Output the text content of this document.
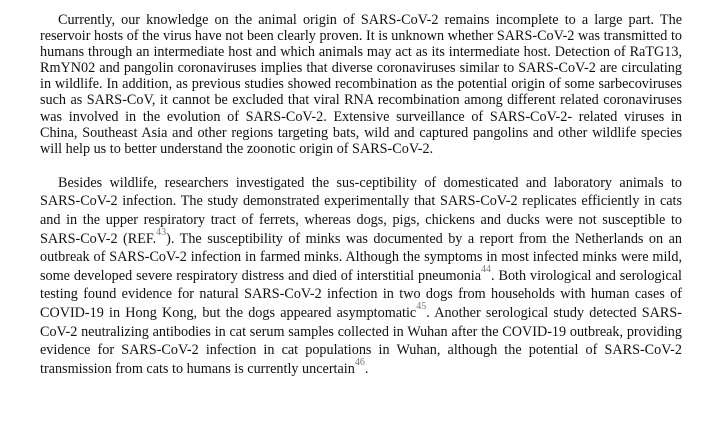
Currently, our knowledge on the animal origin of SARS-CoV-2 remains incomplete to a large part. The reservoir hosts of the virus have not been clearly proven. It is unknown whether SARS-CoV-2 was transmitted to humans through an intermediate host and which animals may act as its intermediate host. Detection of RaTG13, RmYN02 and pangolin coronaviruses implies that diverse coronaviruses similar to SARS-CoV-2 are circulating in wildlife. In addition, as previous studies showed recombination as the potential origin of some sarbecoviruses such as SARS-CoV, it cannot be excluded that viral RNA recombination among different related coronaviruses was involved in the evolution of SARS-CoV-2. Extensive surveillance of SARS-CoV-2- related viruses in China, Southeast Asia and other regions targeting bats, wild and captured pangolins and other wildlife species will help us to better understand the zoonotic origin of SARS-CoV-2.

Besides wildlife, researchers investigated the sus-ceptibility of domesticated and laboratory animals to SARS-CoV-2 infection. The study demonstrated experimentally that SARS-CoV-2 replicates efficiently in cats and in the upper respiratory tract of ferrets, whereas dogs, pigs, chickens and ducks were not susceptible to SARS-CoV-2 (REF.$^{43}$). The susceptibility of minks was documented by a report from the Netherlands on an outbreak of SARS-CoV-2 infection in farmed minks. Although the symptoms in most infected minks were mild, some developed severe respiratory distress and died of interstitial pneumonia$^{44}$. Both virological and serological testing found evidence for natural SARS-CoV-2 infection in two dogs from households with human cases of COVID-19 in Hong Kong, but the dogs appeared asymptomatic$^{45}$. Another serological study detected SARS-CoV-2 neutralizing antibodies in cat serum samples collected in Wuhan after the COVID-19 outbreak, providing evidence for SARS-CoV-2 infection in cat populations in Wuhan, although the potential of SARS-CoV-2 transmission from cats to humans is currently uncertain$^{46}$.
